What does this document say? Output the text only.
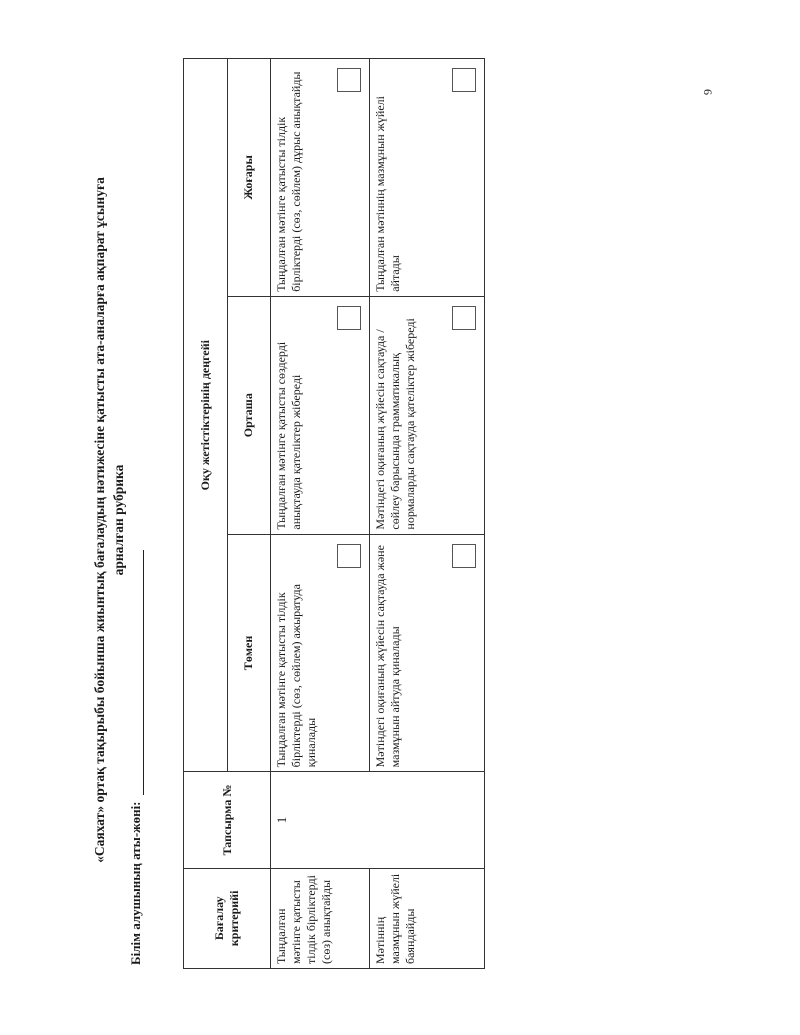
«Саяхат» ортақ тақырыбы бойынша жиынтық бағалаудың нәтижесіне қатысты ата-аналарға ақпарат ұсынуға арналған рубрика
Білім алушының аты-жөні:	Бағалау критерийі	Тапсырма №	Оқу жетістіктерінің деңгейі		
		Төмен	Орташа	Жоғары
Тыңдалған мәтінге қатысты тілдік бірліктерді (сөз) анықтайды	1	Тыңдалған мәтінге қатысты тілдік бірліктерді (сөз, сөйлем) ажыратуда қиналады	Тыңдалған мәтінге қатысты сөздерді анықтауда қателіктер жібереді	Тыңдалған мәтінге қатысты тілдік бірліктерді (сөз, сөйлем) дұрыс анықтайды

Мәтіннің мазмұнын жүйелі баяндайды		Мәтіндегі оқиғаның жүйесін сақтауда және мазмұнын айтуда қиналады	Мәтіндегі оқиғаның жүйесін сақтауда / сөйлеу барысында грамматикалық нормаларды сақтауда қателіктер жібереді	Тыңдалған мәтіннің мазмұнын жүйелі айтады
6
